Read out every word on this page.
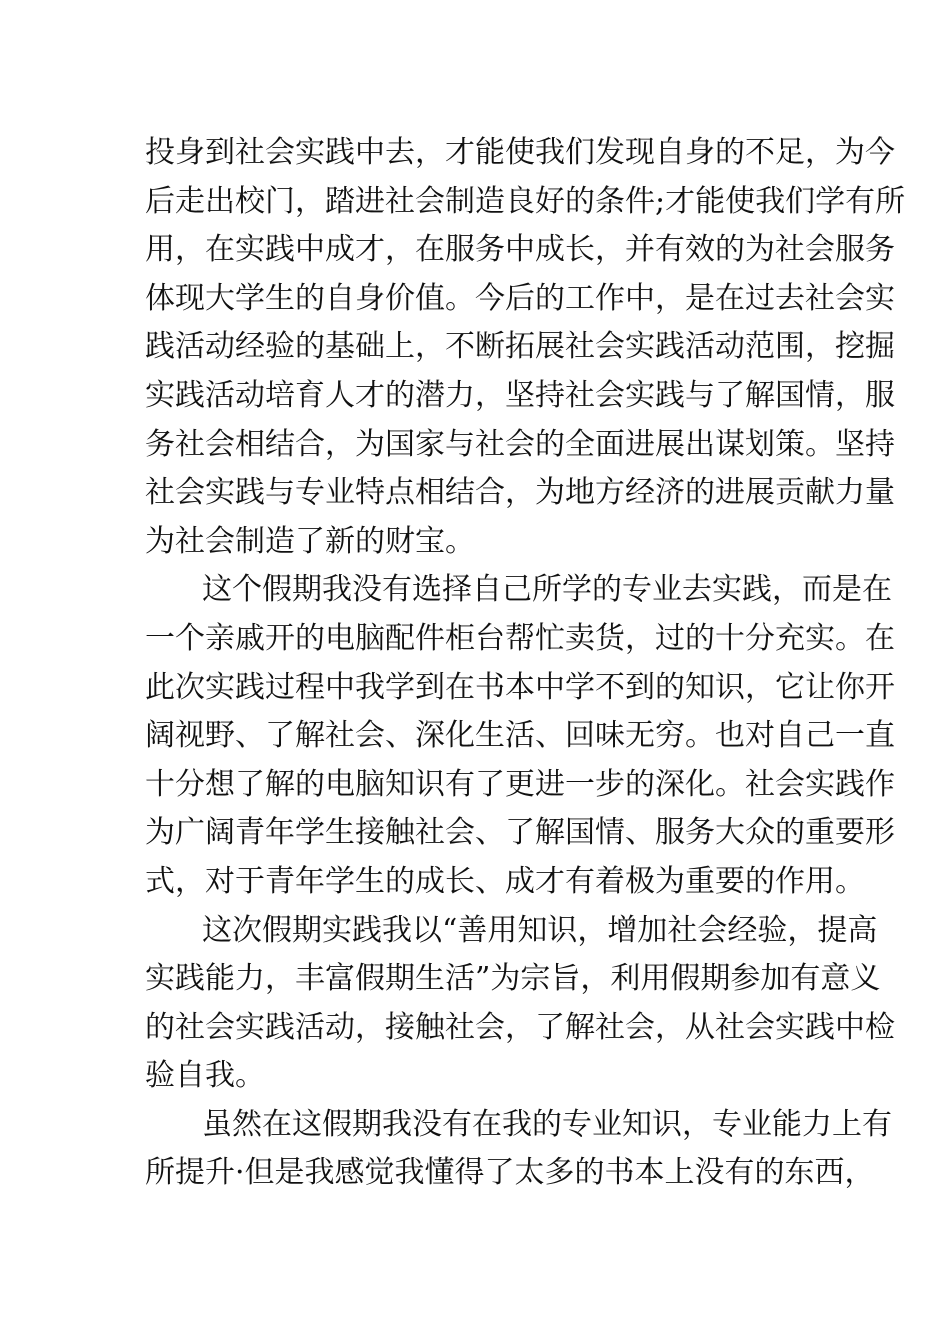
投身到社会实践中去，才能使我们发现自身的不足，为今
后走出校门，踏进社会制造良好的条件;才能使我们学有所
用，在实践中成才，在服务中成长，并有效的为社会服务
体现大学生的自身价值。今后的工作中，是在过去社会实
践活动经验的基础上，不断拓展社会实践活动范围，挖掘
实践活动培育人才的潜力，坚持社会实践与了解国情，服
务社会相结合，为国家与社会的全面进展出谋划策。坚持
社会实践与专业特点相结合，为地方经济的进展贡献力量
为社会制造了新的财宝。
这个假期我没有选择自己所学的专业去实践，而是在
一个亲戚开的电脑配件柜台帮忙卖货，过的十分充实。在
此次实践过程中我学到在书本中学不到的知识，它让你开
阔视野、了解社会、深化生活、回味无穷。也对自己一直
十分想了解的电脑知识有了更进一步的深化。社会实践作
为广阔青年学生接触社会、了解国情、服务大众的重要形
式，对于青年学生的成长、成才有着极为重要的作用。
这次假期实践我以“善用知识，增加社会经验，提高
实践能力，丰富假期生活”为宗旨，利用假期参加有意义
的社会实践活动，接触社会，了解社会，从社会实践中检
验自我。
虽然在这假期我没有在我的专业知识，专业能力上有
所提升·但是我感觉我懂得了太多的书本上没有的东西，
